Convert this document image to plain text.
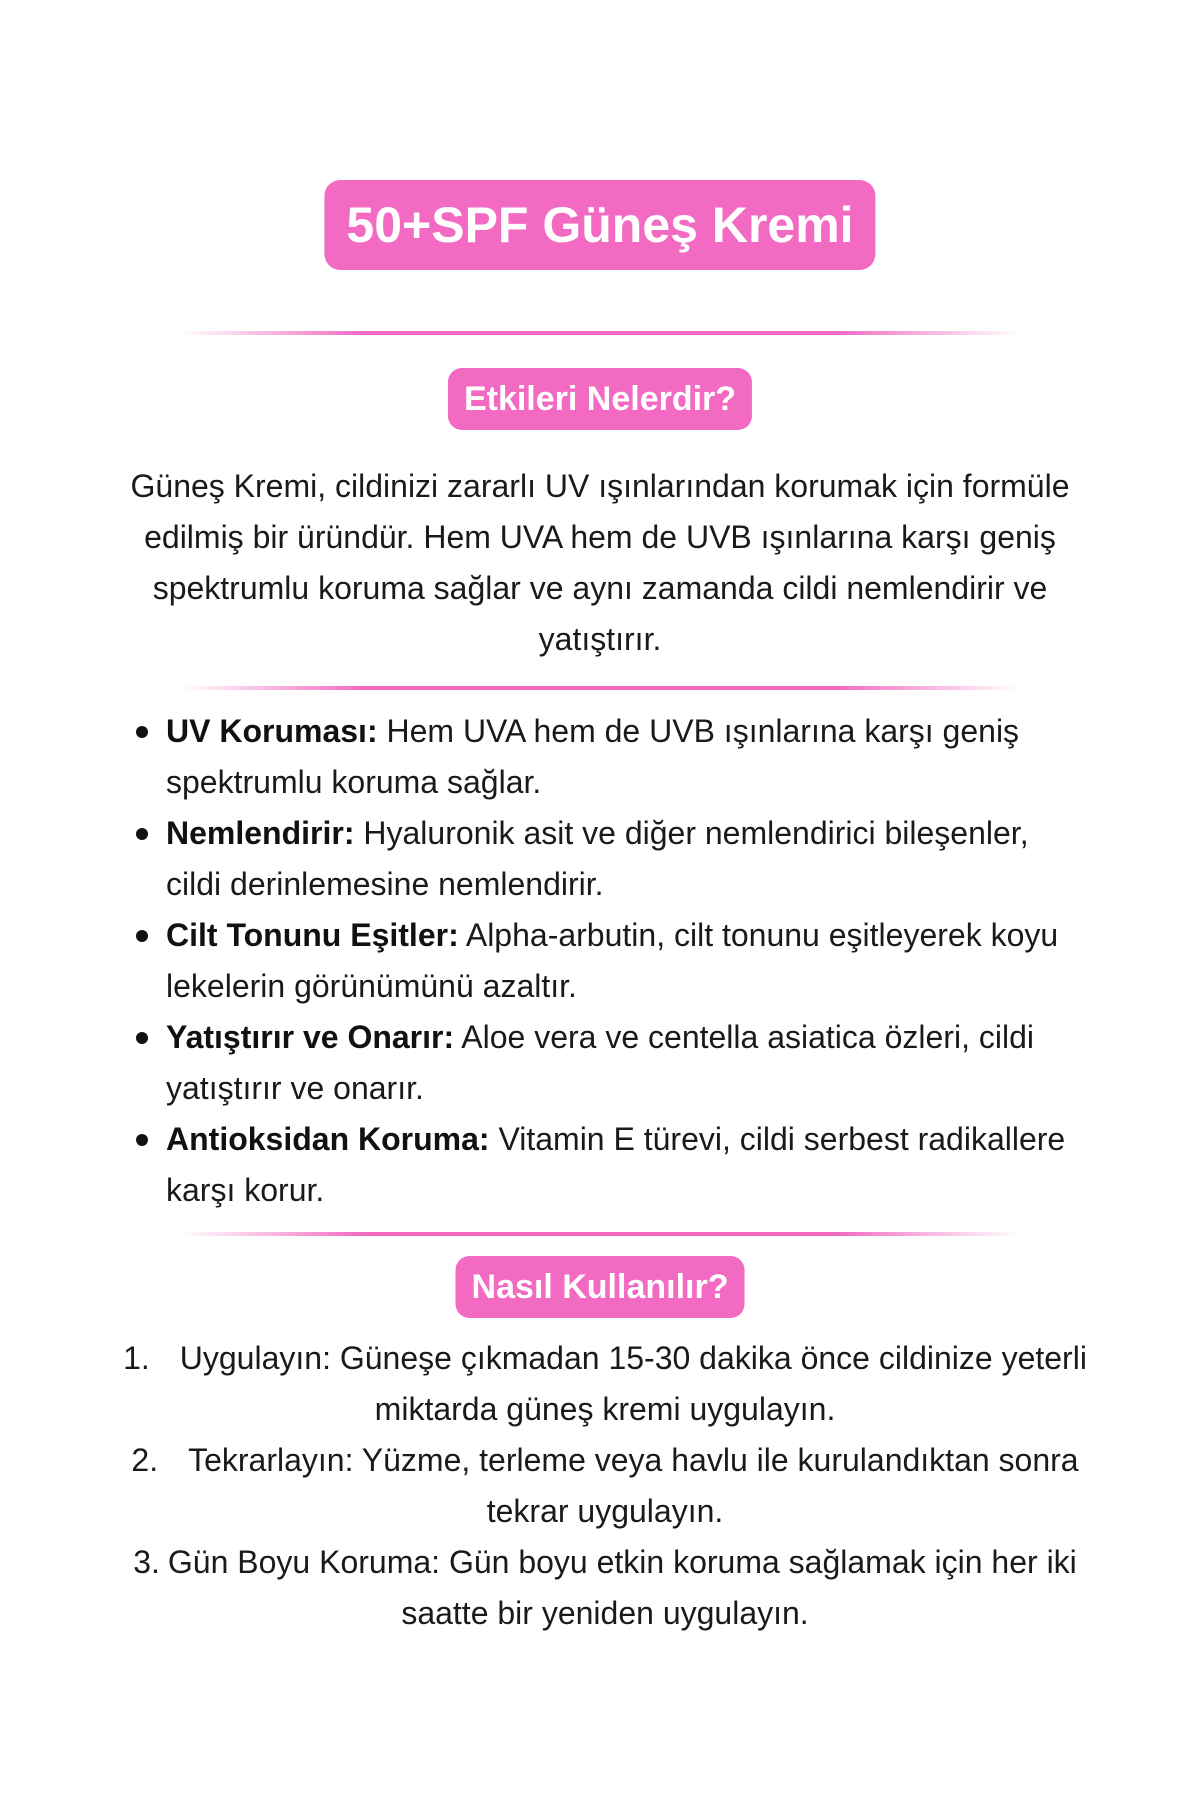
50+SPF Güneş Kremi
Etkileri Nelerdir?

Güneş Kremi, cildinizi zararlı UV ışınlarından korumak için formüle edilmiş bir üründür. Hem UVA hem de UVB ışınlarına karşı geniş spektrumlu koruma sağlar ve aynı zamanda cildi nemlendirir ve yatıştırır.

UV Koruması: Hem UVA hem de UVB ışınlarına karşı geniş spektrumlu koruma sağlar.
Nemlendirir: Hyaluronik asit ve diğer nemlendirici bileşenler, cildi derinlemesine nemlendirir.
Cilt Tonunu Eşitler: Alpha-arbutin, cilt tonunu eşitleyerek koyu lekelerin görünümünü azaltır.
Yatıştırır ve Onarır: Aloe vera ve centella asiatica özleri, cildi yatıştırır ve onarır.
Antioksidan Koruma: Vitamin E türevi, cildi serbest radikallere karşı korur.
Nasıl Kullanılır?
1. Uygulayın: Güneşe çıkmadan 15-30 dakika önce cildinize yeterli miktarda güneş kremi uygulayın.
2. Tekrarlayın: Yüzme, terleme veya havlu ile kurulandıktan sonra tekrar uygulayın.
3. Gün Boyu Koruma: Gün boyu etkin koruma sağlamak için her iki saatte bir yeniden uygulayın.
